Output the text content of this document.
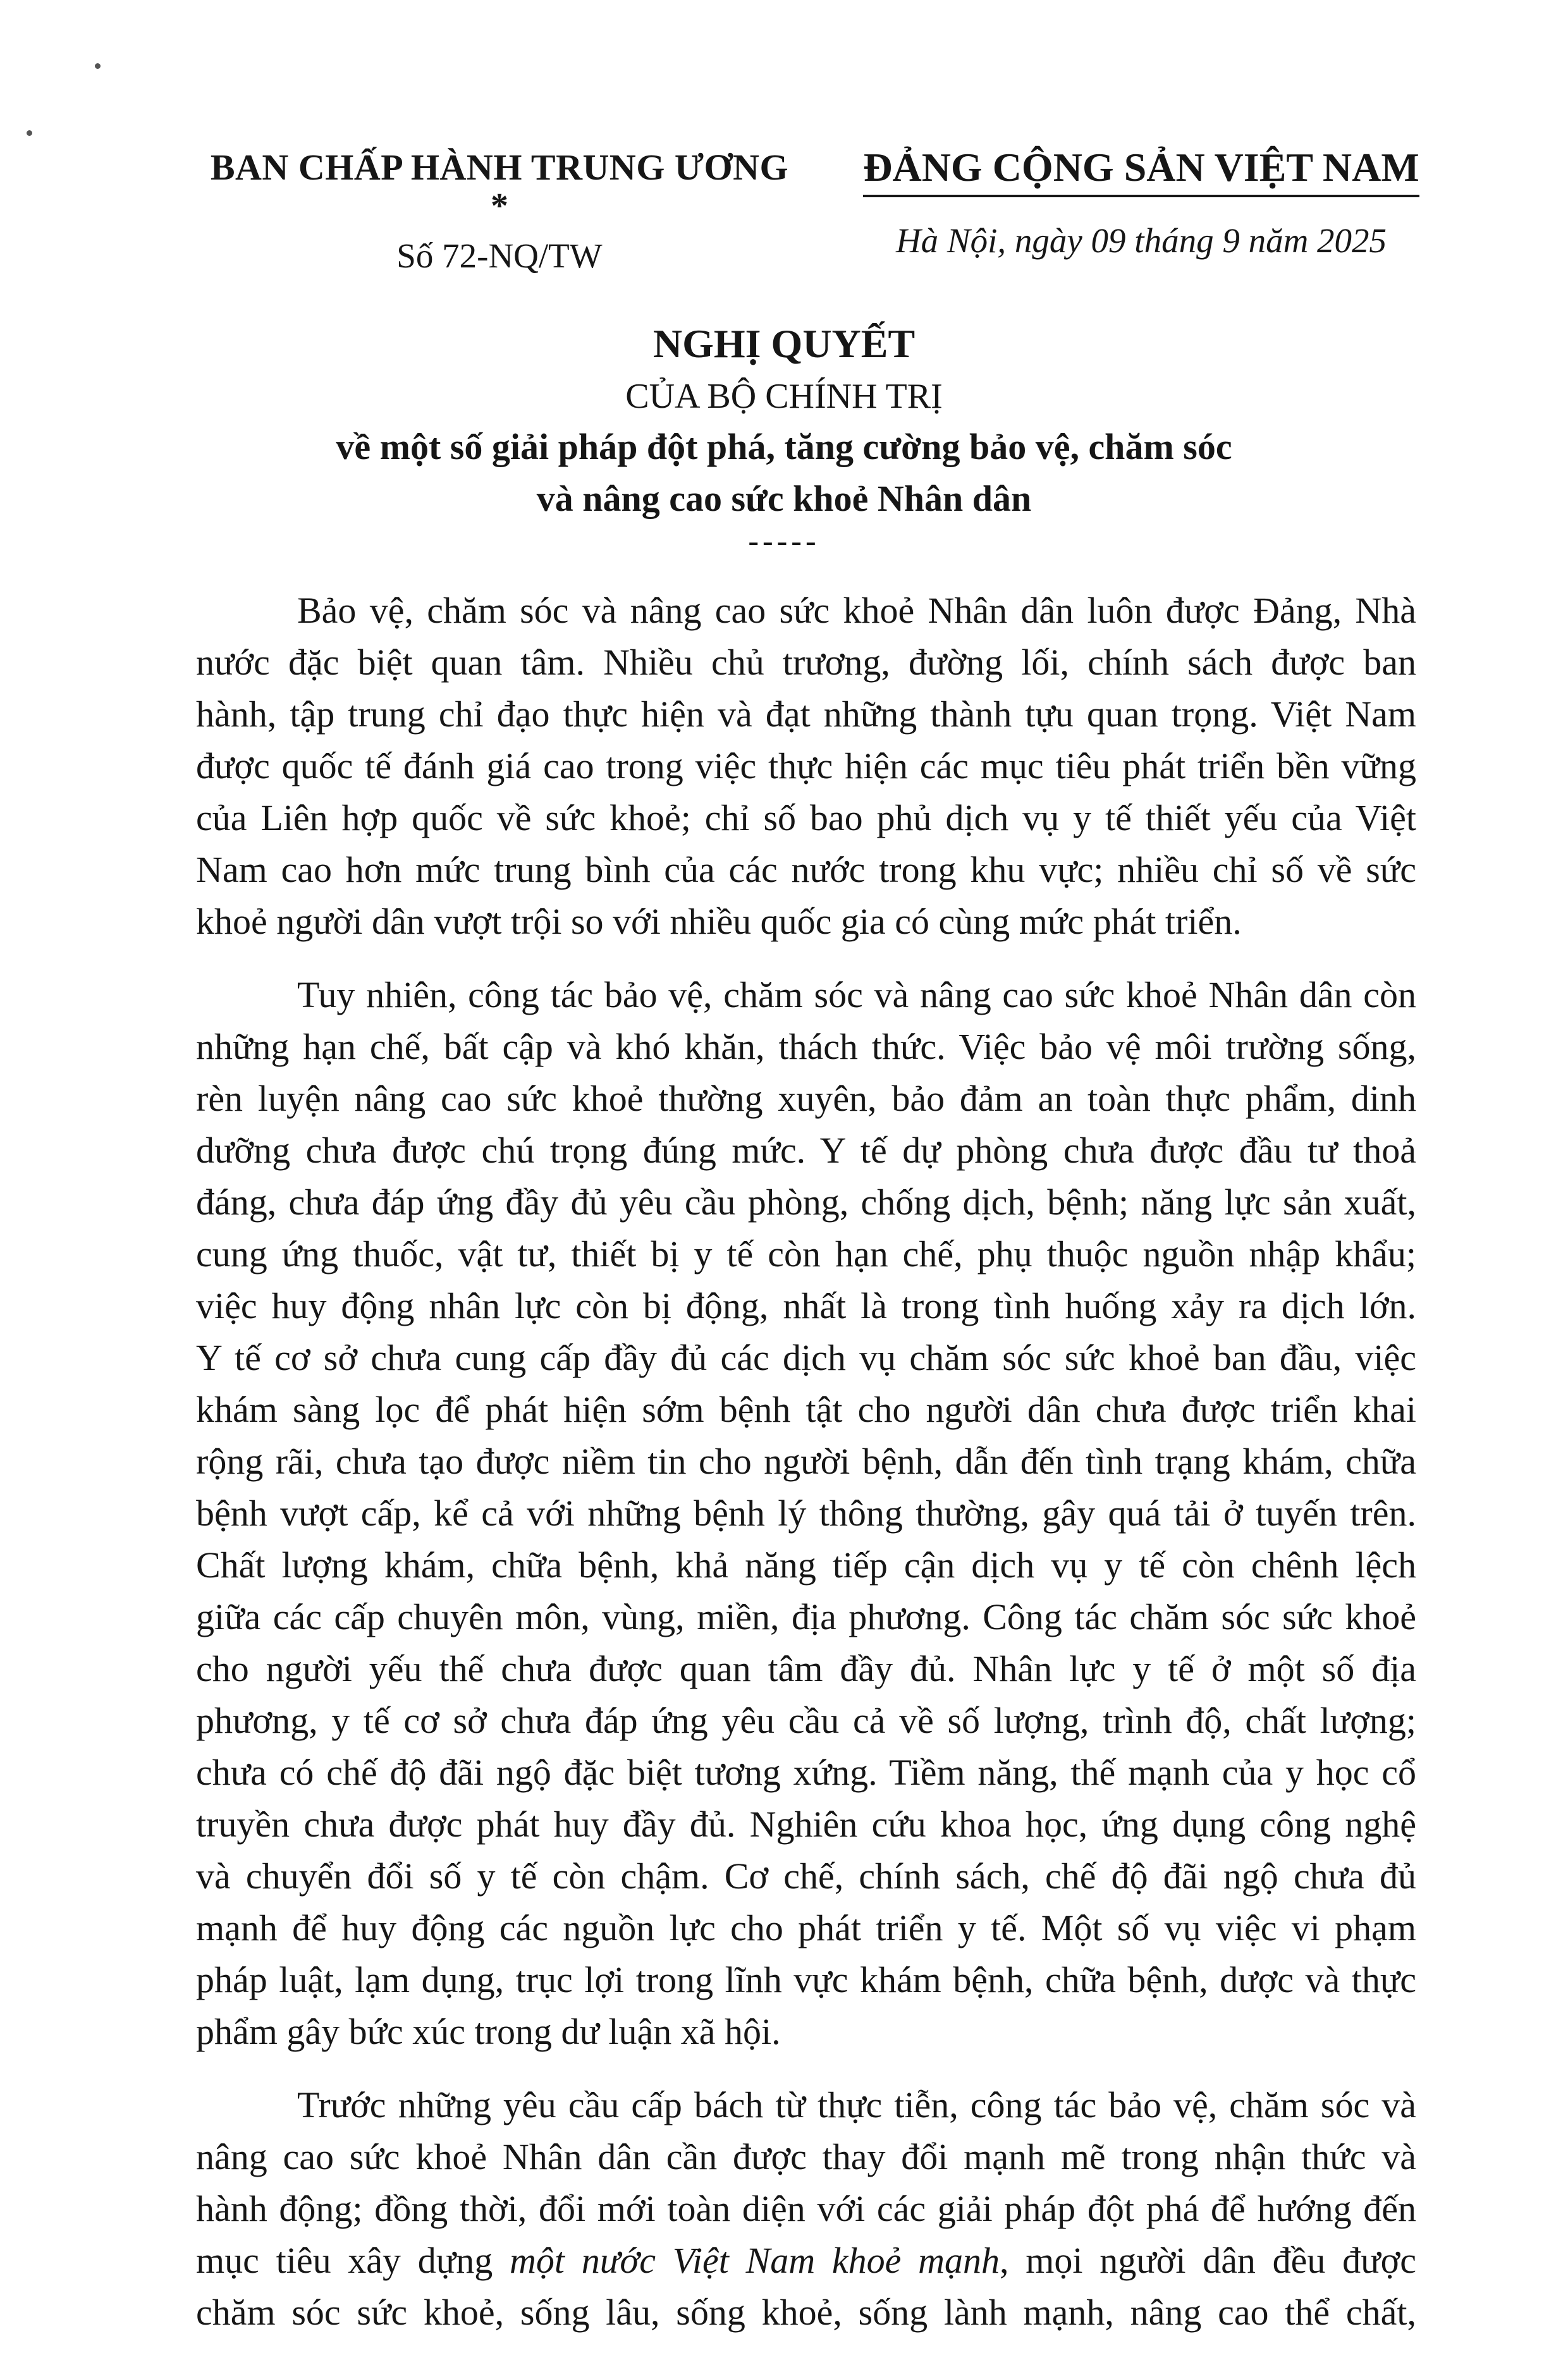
BAN CHẤP HÀNH TRUNG ƯƠNG
*
Số 72-NQ/TW
ĐẢNG CỘNG SẢN VIỆT NAM
Hà Nội, ngày 09 tháng 9 năm 2025
NGHỊ QUYẾT
CỦA BỘ CHÍNH TRỊ
về một số giải pháp đột phá, tăng cường bảo vệ, chăm sóc
và nâng cao sức khoẻ Nhân dân
-----
Bảo vệ, chăm sóc và nâng cao sức khoẻ Nhân dân luôn được Đảng, Nhà
nước đặc biệt quan tâm. Nhiều chủ trương, đường lối, chính sách được ban
hành, tập trung chỉ đạo thực hiện và đạt những thành tựu quan trọng. Việt Nam
được quốc tế đánh giá cao trong việc thực hiện các mục tiêu phát triển bền vững
của Liên hợp quốc về sức khoẻ; chỉ số bao phủ dịch vụ y tế thiết yếu của Việt
Nam cao hơn mức trung bình của các nước trong khu vực; nhiều chỉ số về sức
khoẻ người dân vượt trội so với nhiều quốc gia có cùng mức phát triển.
Tuy nhiên, công tác bảo vệ, chăm sóc và nâng cao sức khoẻ Nhân dân còn
những hạn chế, bất cập và khó khăn, thách thức. Việc bảo vệ môi trường sống,
rèn luyện nâng cao sức khoẻ thường xuyên, bảo đảm an toàn thực phẩm, dinh
dưỡng chưa được chú trọng đúng mức. Y tế dự phòng chưa được đầu tư thoả
đáng, chưa đáp ứng đầy đủ yêu cầu phòng, chống dịch, bệnh; năng lực sản xuất,
cung ứng thuốc, vật tư, thiết bị y tế còn hạn chế, phụ thuộc nguồn nhập khẩu;
việc huy động nhân lực còn bị động, nhất là trong tình huống xảy ra dịch lớn.
Y tế cơ sở chưa cung cấp đầy đủ các dịch vụ chăm sóc sức khoẻ ban đầu, việc
khám sàng lọc để phát hiện sớm bệnh tật cho người dân chưa được triển khai
rộng rãi, chưa tạo được niềm tin cho người bệnh, dẫn đến tình trạng khám, chữa
bệnh vượt cấp, kể cả với những bệnh lý thông thường, gây quá tải ở tuyến trên.
Chất lượng khám, chữa bệnh, khả năng tiếp cận dịch vụ y tế còn chênh lệch
giữa các cấp chuyên môn, vùng, miền, địa phương. Công tác chăm sóc sức khoẻ
cho người yếu thế chưa được quan tâm đầy đủ. Nhân lực y tế ở một số địa
phương, y tế cơ sở chưa đáp ứng yêu cầu cả về số lượng, trình độ, chất lượng;
chưa có chế độ đãi ngộ đặc biệt tương xứng. Tiềm năng, thế mạnh của y học cổ
truyền chưa được phát huy đầy đủ. Nghiên cứu khoa học, ứng dụng công nghệ
và chuyển đổi số y tế còn chậm. Cơ chế, chính sách, chế độ đãi ngộ chưa đủ
mạnh để huy động các nguồn lực cho phát triển y tế. Một số vụ việc vi phạm
pháp luật, lạm dụng, trục lợi trong lĩnh vực khám bệnh, chữa bệnh, dược và thực
phẩm gây bức xúc trong dư luận xã hội.
Trước những yêu cầu cấp bách từ thực tiễn, công tác bảo vệ, chăm sóc và
nâng cao sức khoẻ Nhân dân cần được thay đổi mạnh mẽ trong nhận thức và
hành động; đồng thời, đổi mới toàn diện với các giải pháp đột phá để hướng đến
mục tiêu xây dựng một nước Việt Nam khoẻ mạnh, mọi người dân đều được
chăm sóc sức khoẻ, sống lâu, sống khoẻ, sống lành mạnh, nâng cao thể chất,
